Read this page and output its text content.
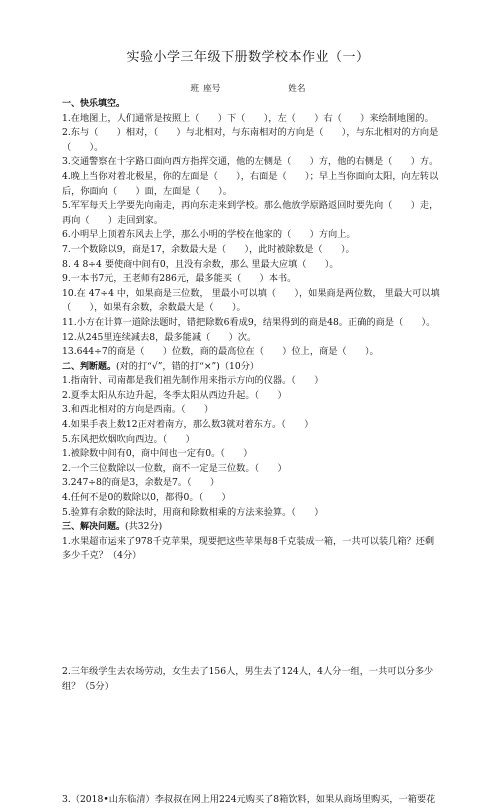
实验小学三年级下册数学校本作业（一）
班 座号	姓名
一、快乐填空。
1.在地图上，人们通常是按照上（　　）下（　　），左（　　）右（　　）来绘制地图的。
2.东与（　　）相对，（　　）与北相对，与东南相对的方向是（　　），与东北相对的方向是（　　）。
3.交通警察在十字路口面向西方指挥交通，他的左侧是（　　）方，他的右侧是（　　）方。
4.晚上当你对着北极星，你的左面是（　　），右面是（　　）；早上当你面向太阳，向左转以后，你面向（　　）面，左面是（　　）。
5.军军每天上学要先向南走，再向东走来到学校。那么他放学原路返回时要先向（　　）走，再向（　　）走回到家。
6.小明早上顶着东风去上学，那么小明的学校在他家的（　　）方向上。
7.一个数除以9，商是17，余数最大是（　　），此时被除数是（　　）。
8. 4 8÷4 要使商中间有0，且没有余数，那么 里最大应填（　　）。
9.一本书7元，王老师有286元，最多能买（　　）本书。
10.在 47÷4 中，如果商是三位数， 里最小可以填（　　），如果商是两位数， 里最大可以填（　　），如果有余数，余数最大是（　　）。
11.小方在计算一道除法题时，错把除数6看成9，结果得到的商是48。正确的商是（　　）。
12.从245里连续减去8，最多能减（　　）次。
13.644÷7的商是（　　）位数，商的最高位在（　　）位上，商是（　　）。
二、判断题。(对的打“√”，错的打“×”)（10分）
1.指南针、司南都是我们祖先制作用来指示方向的仪器。（　　）
2.夏季太阳从东边升起，冬季太阳从西边升起。（　　）
3.和西北相对的方向是西南。（　　）
4.如果手表上数12正对着南方，那么数3就对着东方。（　　）
5.东风把炊烟吹向西边。（　　）
1.被除数中间有0，商中间也一定有0。（　　）
2.一个三位数除以一位数，商不一定是三位数。（　　）
3.247÷8的商是3，余数是7。（　　）
4.任何不是0的数除以0，都得0。（　　）
5.验算有余数的除法时，用商和除数相乘的方法来验算。（　　）
三、解决问题。(共32分)
1.水果超市运来了978千克苹果，现要把这些苹果每8千克装成一箱，一共可以装几箱？还剩多少千克？（4分）
2.三年级学生去农场劳动，女生去了156人，男生去了124人，4人分一组，一共可以分多少组？（5分）
3.（2018•山东临清）李叔叔在网上用224元购买了8箱饮料，如果从商场里购买，一箱要花
